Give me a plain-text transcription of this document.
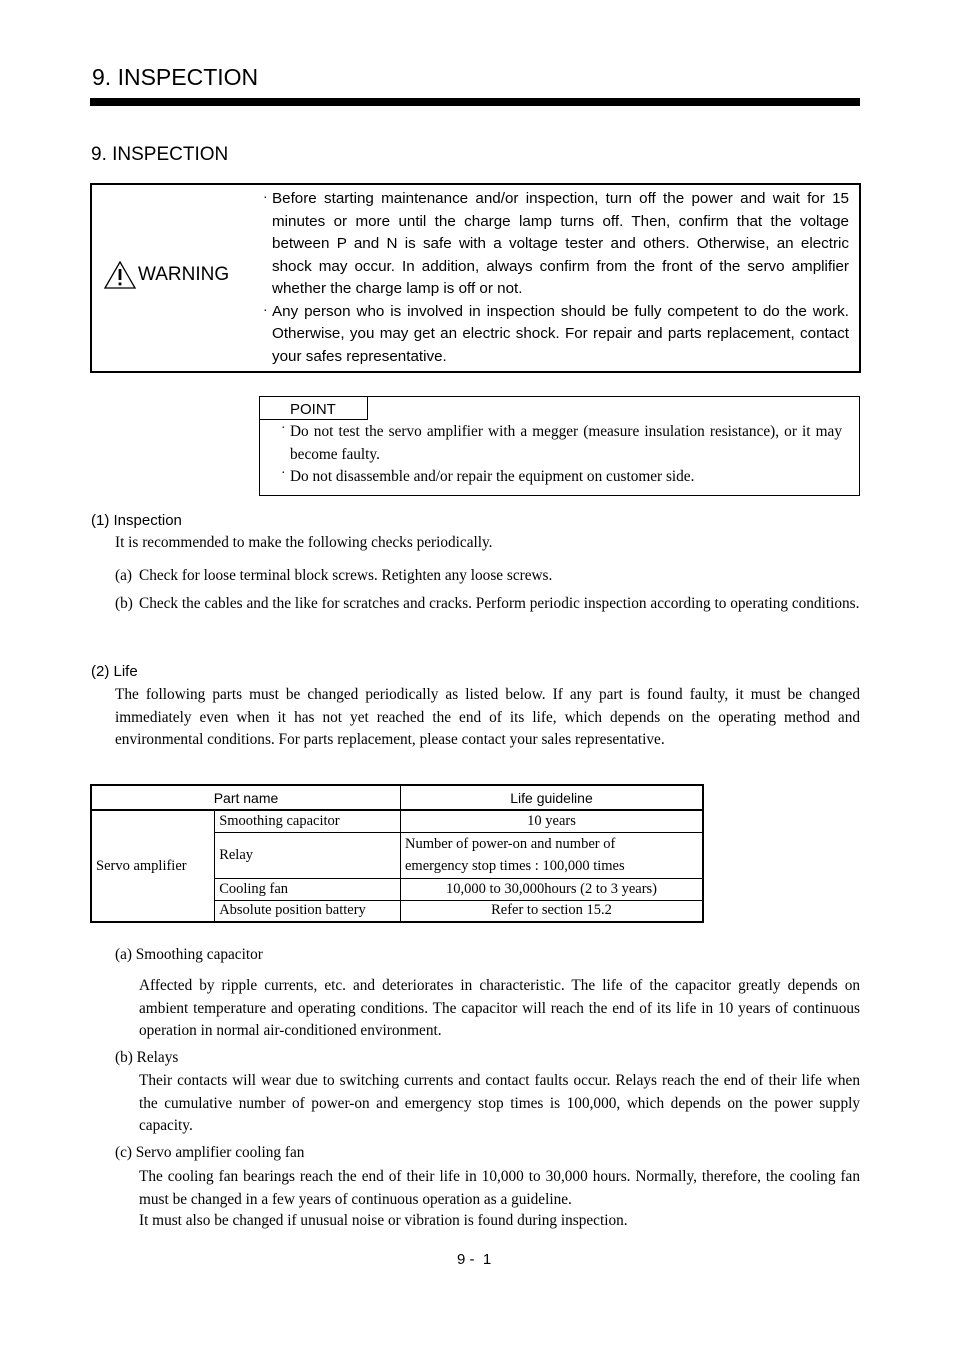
9. INSPECTION
9. INSPECTION
WARNING
· Before starting maintenance and/or inspection, turn off the power and wait for 15 minutes or more until the charge lamp turns off. Then, confirm that the voltage between P and N is safe with a voltage tester and others. Otherwise, an electric shock may occur. In addition, always confirm from the front of the servo amplifier whether the charge lamp is off or not.
· Any person who is involved in inspection should be fully competent to do the work. Otherwise, you may get an electric shock. For repair and parts replacement, contact your safes representative.
POINT
· Do not test the servo amplifier with a megger (measure insulation resistance), or it may become faulty.
· Do not disassemble and/or repair the equipment on customer side.
(1) Inspection
It is recommended to make the following checks periodically.
(a) Check for loose terminal block screws. Retighten any loose screws.
(b) Check the cables and the like for scratches and cracks. Perform periodic inspection according to operating conditions.
(2) Life
The following parts must be changed periodically as listed below. If any part is found faulty, it must be changed immediately even when it has not yet reached the end of its life, which depends on the operating method and environmental conditions. For parts replacement, please contact your sales representative.
Part name		Life guideline
Servo amplifier	Smoothing capacitor	10 years
	Relay	Number of power-on and number of
emergency stop times : 100,000 times

	Cooling fan	10,000 to 30,000hours (2 to 3 years)
	Absolute position battery	Refer to section 15.2
(a) Smoothing capacitor
Affected by ripple currents, etc. and deteriorates in characteristic. The life of the capacitor greatly depends on ambient temperature and operating conditions. The capacitor will reach the end of its life in 10 years of continuous operation in normal air-conditioned environment.
(b) Relays
Their contacts will wear due to switching currents and contact faults occur. Relays reach the end of their life when the cumulative number of power-on and emergency stop times is 100,000, which depends on the power supply capacity.
(c) Servo amplifier cooling fan
The cooling fan bearings reach the end of their life in 10,000 to 30,000 hours. Normally, therefore, the cooling fan must be changed in a few years of continuous operation as a guideline.
It must also be changed if unusual noise or vibration is found during inspection.
9 -  1
